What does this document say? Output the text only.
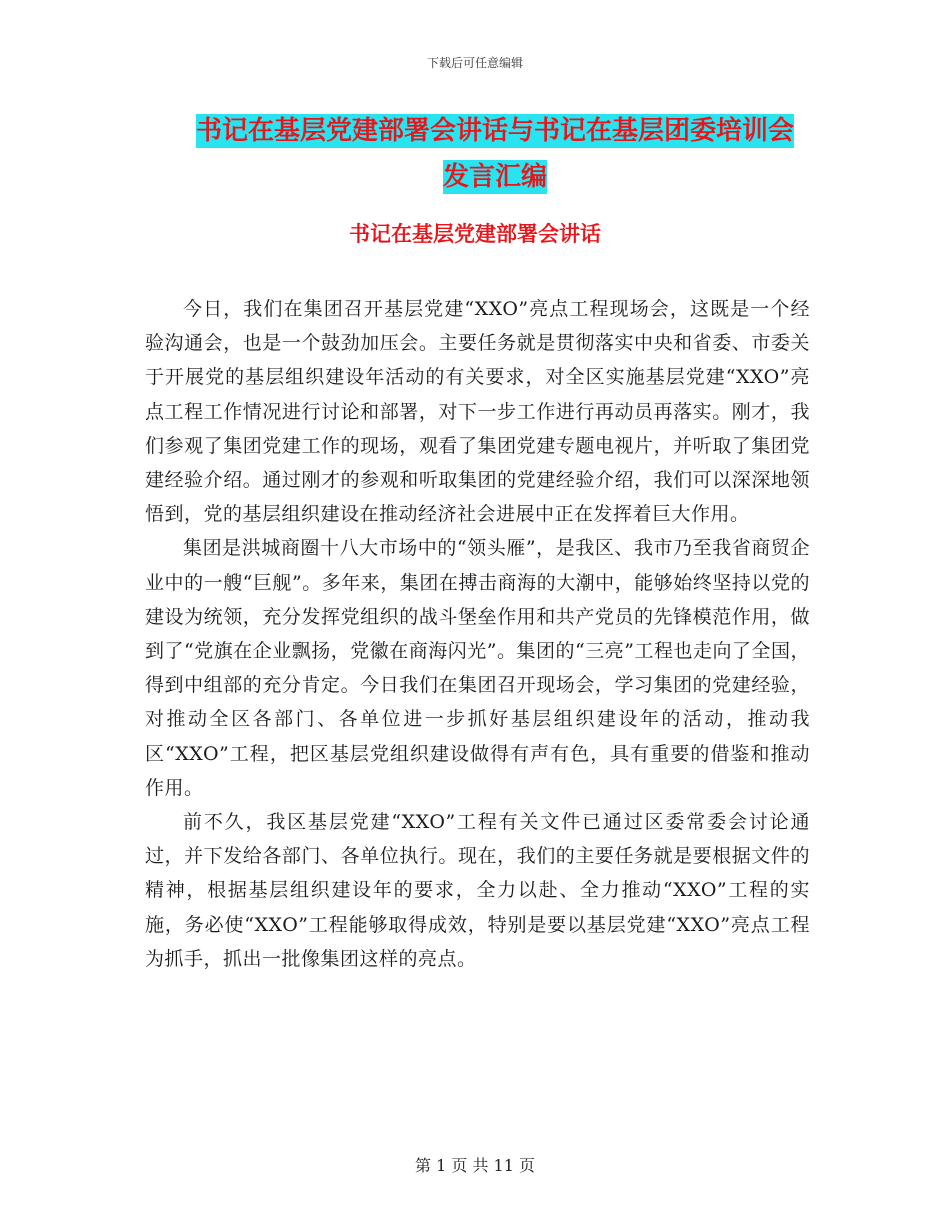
下载后可任意编辑
书记在基层党建部署会讲话与书记在基层团委培训会
发言汇编
书记在基层党建部署会讲话

今日，我们在集团召开基层党建“XXO”亮点工程现场会，这既是一个经验沟通会，也是一个鼓劲加压会。主要任务就是贯彻落实中央和省委、市委关于开展党的基层组织建设年活动的有关要求，对全区实施基层党建“XXO”亮点工程工作情况进行讨论和部署，对下一步工作进行再动员再落实。刚才，我们参观了集团党建工作的现场，观看了集团党建专题电视片，并听取了集团党建经验介绍。通过刚才的参观和听取集团的党建经验介绍，我们可以深深地领悟到，党的基层组织建设在推动经济社会进展中正在发挥着巨大作用。

集团是洪城商圈十八大市场中的“领头雁”，是我区、我市乃至我省商贸企业中的一艘“巨舰”。多年来，集团在搏击商海的大潮中，能够始终坚持以党的建设为统领，充分发挥党组织的战斗堡垒作用和共产党员的先锋模范作用，做到了“党旗在企业飘扬，党徽在商海闪光”。集团的“三亮”工程也走向了全国，得到中组部的充分肯定。今日我们在集团召开现场会，学习集团的党建经验，对推动全区各部门、各单位进一步抓好基层组织建设年的活动，推动我区“XXO”工程，把区基层党组织建设做得有声有色，具有重要的借鉴和推动作用。

前不久，我区基层党建“XXO”工程有关文件已通过区委常委会讨论通过，并下发给各部门、各单位执行。现在，我们的主要任务就是要根据文件的精神，根据基层组织建设年的要求，全力以赴、全力推动“XXO”工程的实施，务必使“XXO”工程能够取得成效，特别是要以基层党建“XXO”亮点工程为抓手，抓出一批像集团这样的亮点。

第 1 页 共 11 页
